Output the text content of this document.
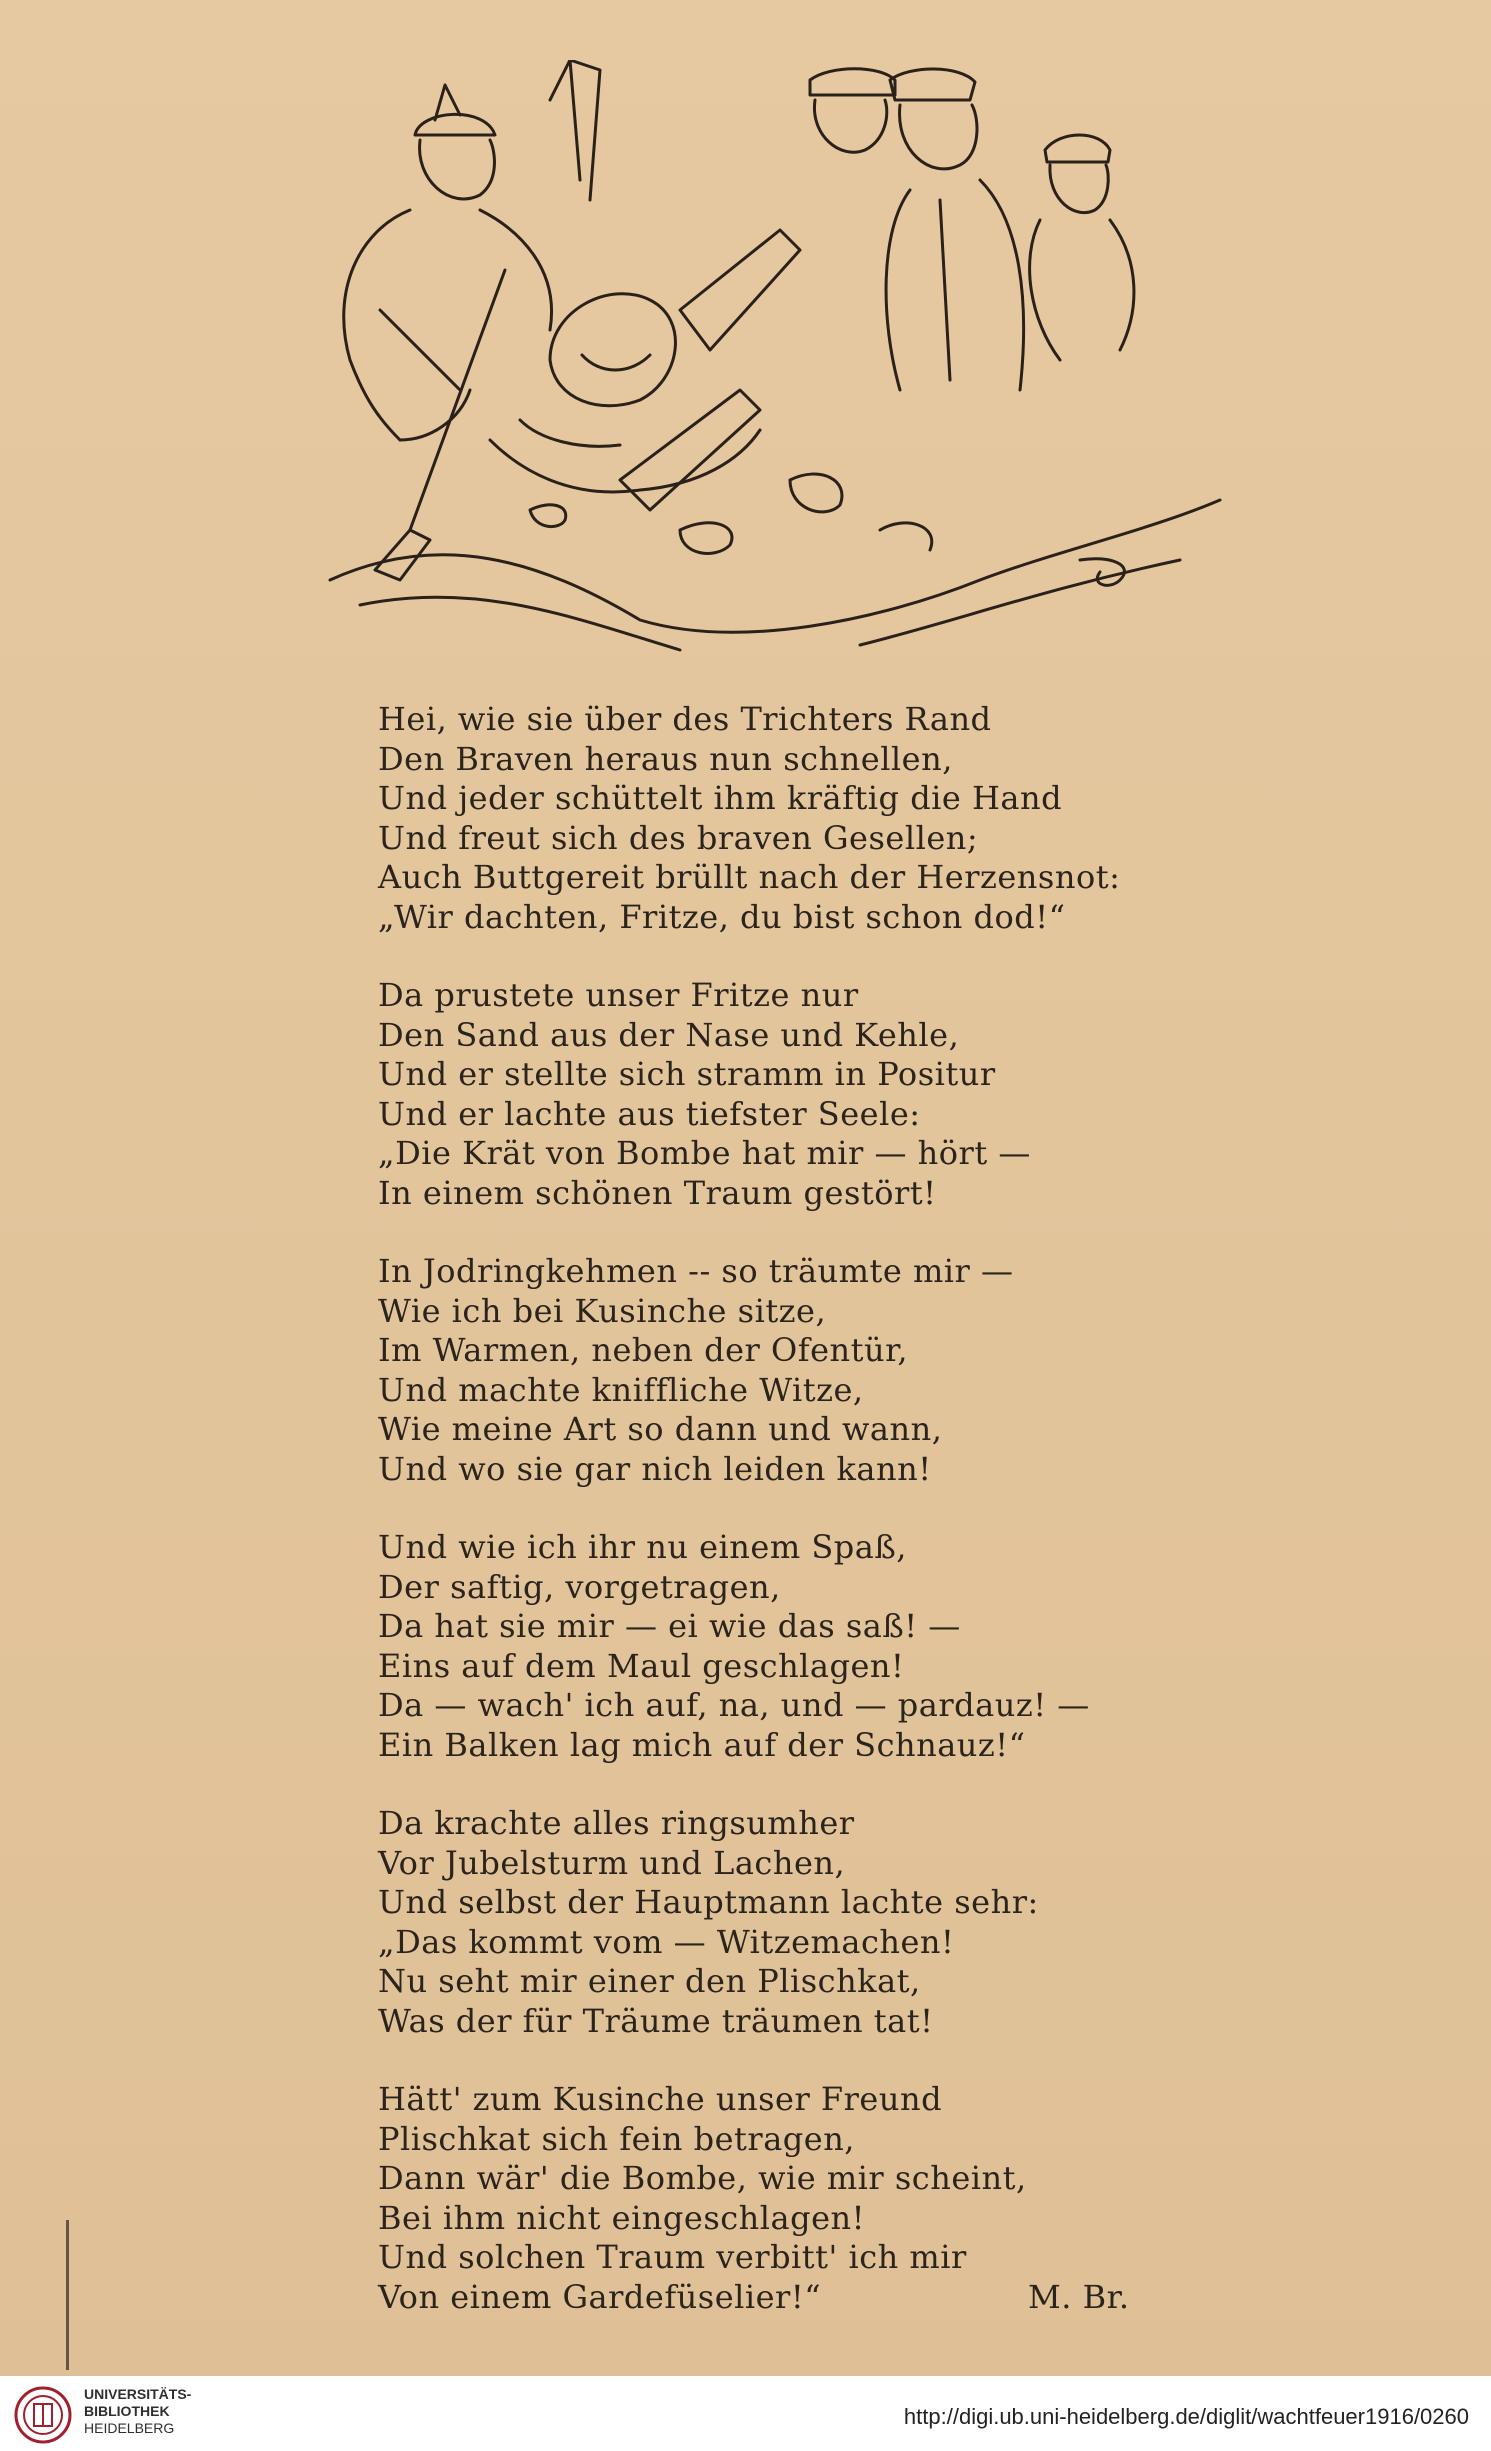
Hei, wie sie über des Trichters Rand
Den Braven heraus nun schnellen,
Und jeder schüttelt ihm kräftig die Hand
Und freut sich des braven Gesellen;
Auch Buttgereit brüllt nach der Herzensnot:
„Wir dachten, Fritze, du bist schon dod!“
Da prustete unser Fritze nur
Den Sand aus der Nase und Kehle,
Und er stellte sich stramm in Positur
Und er lachte aus tiefster Seele:
„Die Krät von Bombe hat mir — hört —
In einem schönen Traum gestört!
In Jodringkehmen -- so träumte mir —
Wie ich bei Kusinche sitze,
Im Warmen, neben der Ofentür,
Und machte kniffliche Witze,
Wie meine Art so dann und wann,
Und wo sie gar nich leiden kann!
Und wie ich ihr nu einem Spaß,
Der saftig, vorgetragen,
Da hat sie mir — ei wie das saß! —
Eins auf dem Maul geschlagen!
Da — wach' ich auf, na, und — pardauz! —
Ein Balken lag mich auf der Schnauz!“
Da krachte alles ringsumher
Vor Jubelsturm und Lachen,
Und selbst der Hauptmann lachte sehr:
„Das kommt vom — Witzemachen!
Nu seht mir einer den Plischkat,
Was der für Träume träumen tat!
Hätt' zum Kusinche unser Freund
Plischkat sich fein betragen,
Dann wär' die Bombe, wie mir scheint,
Bei ihm nicht eingeschlagen!
Und solchen Traum verbitt' ich mir
Von einem Gardefüselier!“	M. Br.
UNIVERSITÄTS-
BIBLIOTHEK
HEIDELBERG	http://digi.ub.uni-heidelberg.de/diglit/wachtfeuer1916/0260
